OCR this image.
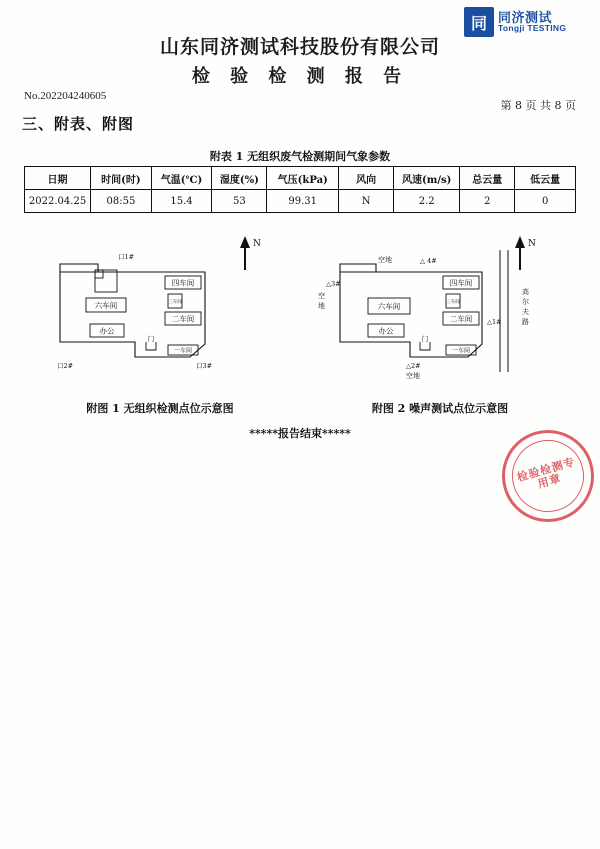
同 同济测试
Tongji TESTING
山东同济测试科技股份有限公司
检 验 检 测 报 告
No.202204240605
第 8 页 共 8 页
三、附表、附图
附表 1 无组织废气检测期间气象参数
日期	时间(时)	气温(℃)	湿度(%)	气压(kPa)	风向	风速(m/s)	总云量	低云量
2022.04.25	08:55	15.4	53	99.31	N	2.2	2	0
N
六车间
办公
四车间
三车间
二车间
一车间
门
口1#
口2#	口3#
N
六车间
办公
四车间
三车间
二车间
一车间
门
高
尔
夫
路
空地
空
地
空地
△ 4#
△3#
△1#
△2#
附图 1 无组织检测点位示意图	附图 2 噪声测试点位示意图
*****报告结束*****
检验检测专用章
